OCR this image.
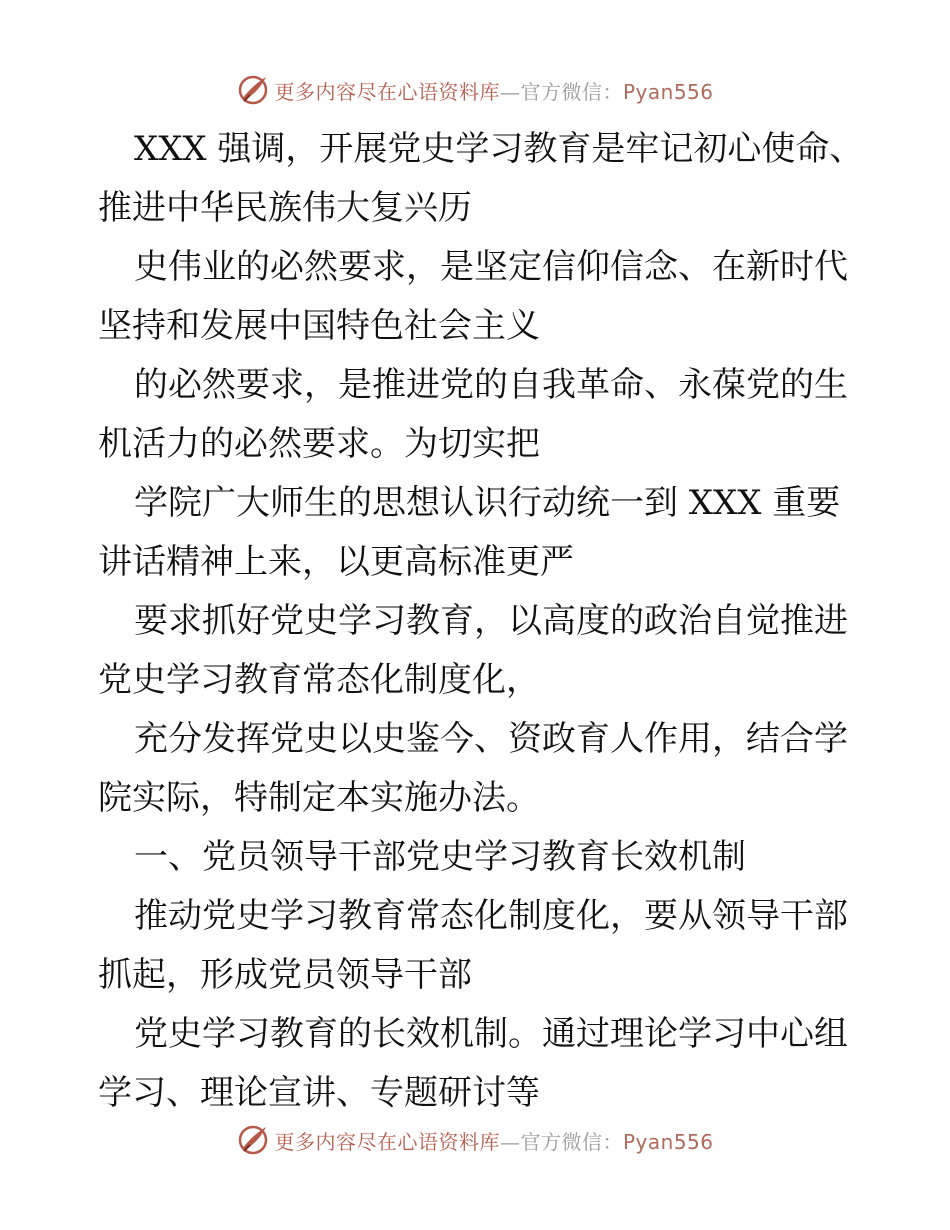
更多内容尽在心语资料库—官方微信：Pyan556

XXX 强调，开展党史学习教育是牢记初心使命、
推进中华民族伟大复兴历

史伟业的必然要求，是坚定信仰信念、在新时代
坚持和发展中国特色社会主义

的必然要求，是推进党的自我革命、永葆党的生
机活力的必然要求。为切实把

学院广大师生的思想认识行动统一到 XXX 重要
讲话精神上来，以更高标准更严

要求抓好党史学习教育，以高度的政治自觉推进
党史学习教育常态化制度化，

充分发挥党史以史鉴今、资政育人作用，结合学
院实际，特制定本实施办法。

一、党员领导干部党史学习教育长效机制

推动党史学习教育常态化制度化，要从领导干部
抓起，形成党员领导干部

党史学习教育的长效机制。通过理论学习中心组
学习、理论宣讲、专题研讨等

更多内容尽在心语资料库—官方微信：Pyan556
